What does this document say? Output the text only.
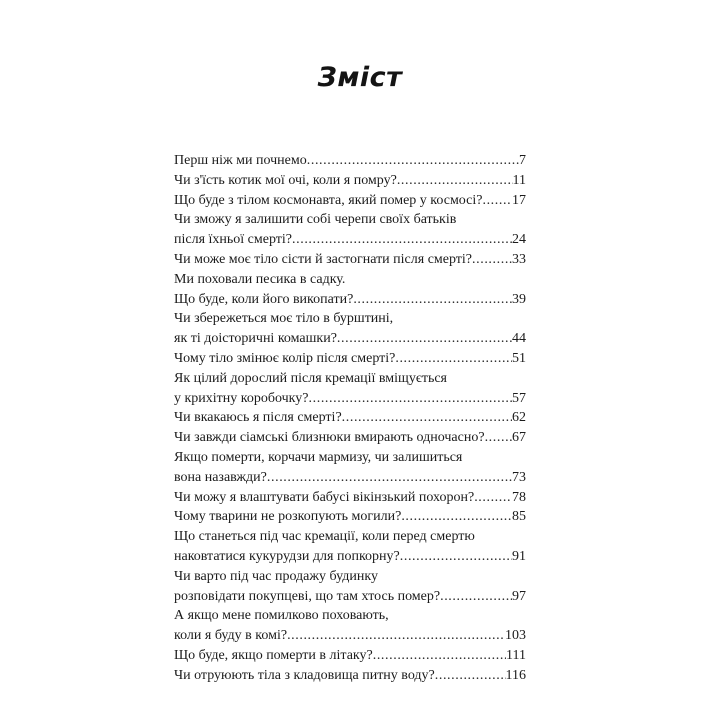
Зміст
Перш ніж ми почнемо .....	7
Чи з'їсть котик мої очі, коли я помру? .....	11
Що буде з тілом космонавта, який помер у космосі? ..... 17
Чи зможу я залишити собі черепи своїх батьків
після їхньої смерті? .....	24
Чи може моє тіло сісти й застогнати після смерті? .....	33
Ми поховали песика в садку.
Що буде, коли його викопати? .....	39
Чи збережеться моє тіло в бурштині,
як ті доісторичні комашки? .....	44
Чому тіло змінює колір після смерті? .....	51
Як цілий дорослий після кремації вміщується
у крихітну коробочку? .....	57
Чи вкакаюсь я після смерті? .....	62
Чи завжди сіамські близнюки вмирають одночасно? ..... 67
Якщо померти, корчачи мармизу, чи залишиться
вона назавжди? .....	73
Чи можу я влаштувати бабусі вікінзький похорон? .....	78
Чому тварини не розкопують могили? .....	85
Що станеться під час кремації, коли перед смертю
наковтатися кукурудзи для попкорну? .....	91
Чи варто під час продажу будинку
розповідати покупцеві, що там хтось помер? .....	97
А якщо мене помилково поховають,
коли я буду в комі? .....	103
Що буде, якщо померти в літаку? .....	111
Чи отруюють тіла з кладовища питну воду? .....	116
